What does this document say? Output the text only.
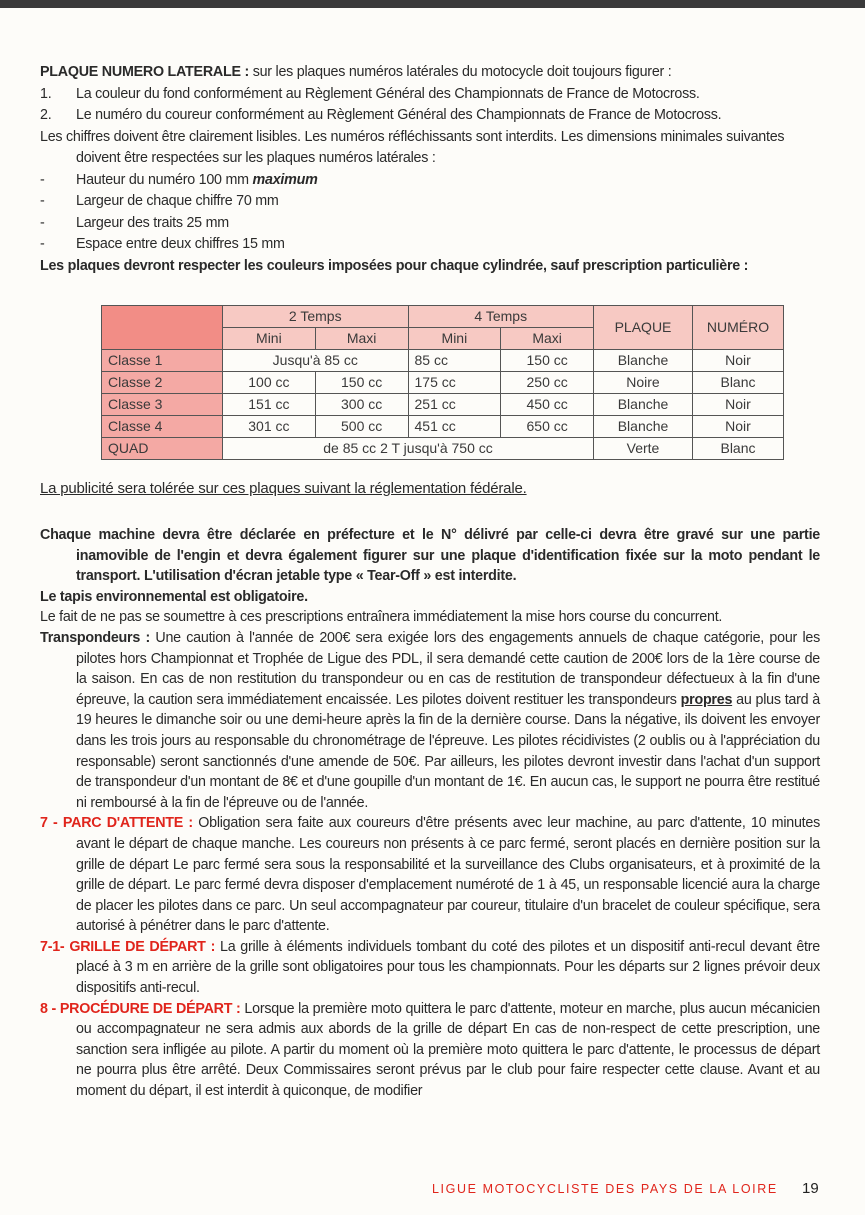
PLAQUE NUMERO LATERALE : sur les plaques numéros latérales du motocycle doit toujours figurer :

1.	La couleur du fond conformément au Règlement Général des Championnats de France de Motocross.
2.	Le numéro du coureur conformément au Règlement Général des Championnats de France de Motocross.

Les chiffres doivent être clairement lisibles. Les numéros réfléchissants sont interdits. Les dimensions minimales suivantes doivent être respectées sur les plaques numéros latérales :

-	Hauteur du numéro 100 mm maximum
-	Largeur de chaque chiffre 70 mm
-	Largeur des traits 25 mm
-	Espace entre deux chiffres 15 mm

Les plaques devront respecter les couleurs imposées pour chaque cylindrée, sauf prescription particulière :

	2 Temps		4 Temps		PLAQUE	NUMÉRO
	Mini	Maxi	Mini	Maxi		
Classe 1	Jusqu'à 85 cc		85 cc	150 cc	Blanche	Noir
Classe 2	100 cc	150 cc	175 cc	250 cc	Noire	Blanc
Classe 3	151 cc	300 cc	251 cc	450 cc	Blanche	Noir
Classe 4	301 cc	500 cc	451 cc	650 cc	Blanche	Noir
QUAD	de 85 cc 2 T jusqu'à 750 cc				Verte	Blanc
La publicité sera tolérée sur ces plaques suivant la réglementation fédérale.

Chaque machine devra être déclarée en préfecture et le N° délivré par celle-ci devra être gravé sur une partie inamovible de l'engin et devra également figurer sur une plaque d'identification fixée sur la moto pendant le transport. L'utilisation d'écran jetable type « Tear-Off » est interdite.

Le tapis environnemental est obligatoire.

Le fait de ne pas se soumettre à ces prescriptions entraînera immédiatement la mise hors course du concurrent.

Transpondeurs : Une caution à l'année de 200€ sera exigée lors des engagements annuels de chaque catégorie, pour les pilotes hors Championnat et Trophée de Ligue des PDL, il sera demandé cette caution de 200€ lors de la 1ère course de la saison. En cas de non restitution du transpondeur ou en cas de restitution de transpondeur défectueux à la fin d'une épreuve, la caution sera immédiatement encaissée. Les pilotes doivent restituer les transpondeurs propres au plus tard à 19 heures le dimanche soir ou une demi-heure après la fin de la dernière course. Dans la négative, ils doivent les envoyer dans les trois jours au responsable du chronométrage de l'épreuve. Les pilotes récidivistes (2 oublis ou à l'appréciation du responsable) seront sanctionnés d'une amende de 50€. Par ailleurs, les pilotes devront investir dans l'achat d'un support de transpondeur d'un montant de 8€ et d'une goupille d'un montant de 1€. En aucun cas, le support ne pourra être restitué ni remboursé à la fin de l'épreuve ou de l'année.

7 - PARC D'ATTENTE : Obligation sera faite aux coureurs d'être présents avec leur machine, au parc d'attente, 10 minutes avant le départ de chaque manche. Les coureurs non présents à ce parc fermé, seront placés en dernière position sur la grille de départ Le parc fermé sera sous la responsabilité et la surveillance des Clubs organisateurs, et à proximité de la grille de départ. Le parc fermé devra disposer d'emplacement numéroté de 1 à 45, un responsable licencié aura la charge de placer les pilotes dans ce parc. Un seul accompagnateur par coureur, titulaire d'un bracelet de couleur spécifique, sera autorisé à pénétrer dans le parc d'attente.

7-1- GRILLE DE DÉPART : La grille à éléments individuels tombant du coté des pilotes et un dispositif anti-recul devant être placé à 3 m en arrière de la grille sont obligatoires pour tous les championnats. Pour les départs sur 2 lignes prévoir deux dispositifs anti-recul.

8 - PROCÉDURE DE DÉPART : Lorsque la première moto quittera le parc d'attente, moteur en marche, plus aucun mécanicien ou accompagnateur ne sera admis aux abords de la grille de départ En cas de non-respect de cette prescription, une sanction sera infligée au pilote. A partir du moment où la première moto quittera le parc d'attente, le processus de départ ne pourra plus être arrêté. Deux Commissaires seront prévus par le club pour faire respecter cette clause. Avant et au moment du départ, il est interdit à quiconque, de modifier

LIGUE MOTOCYCLISTE DES PAYS DE LA LOIRE 19
